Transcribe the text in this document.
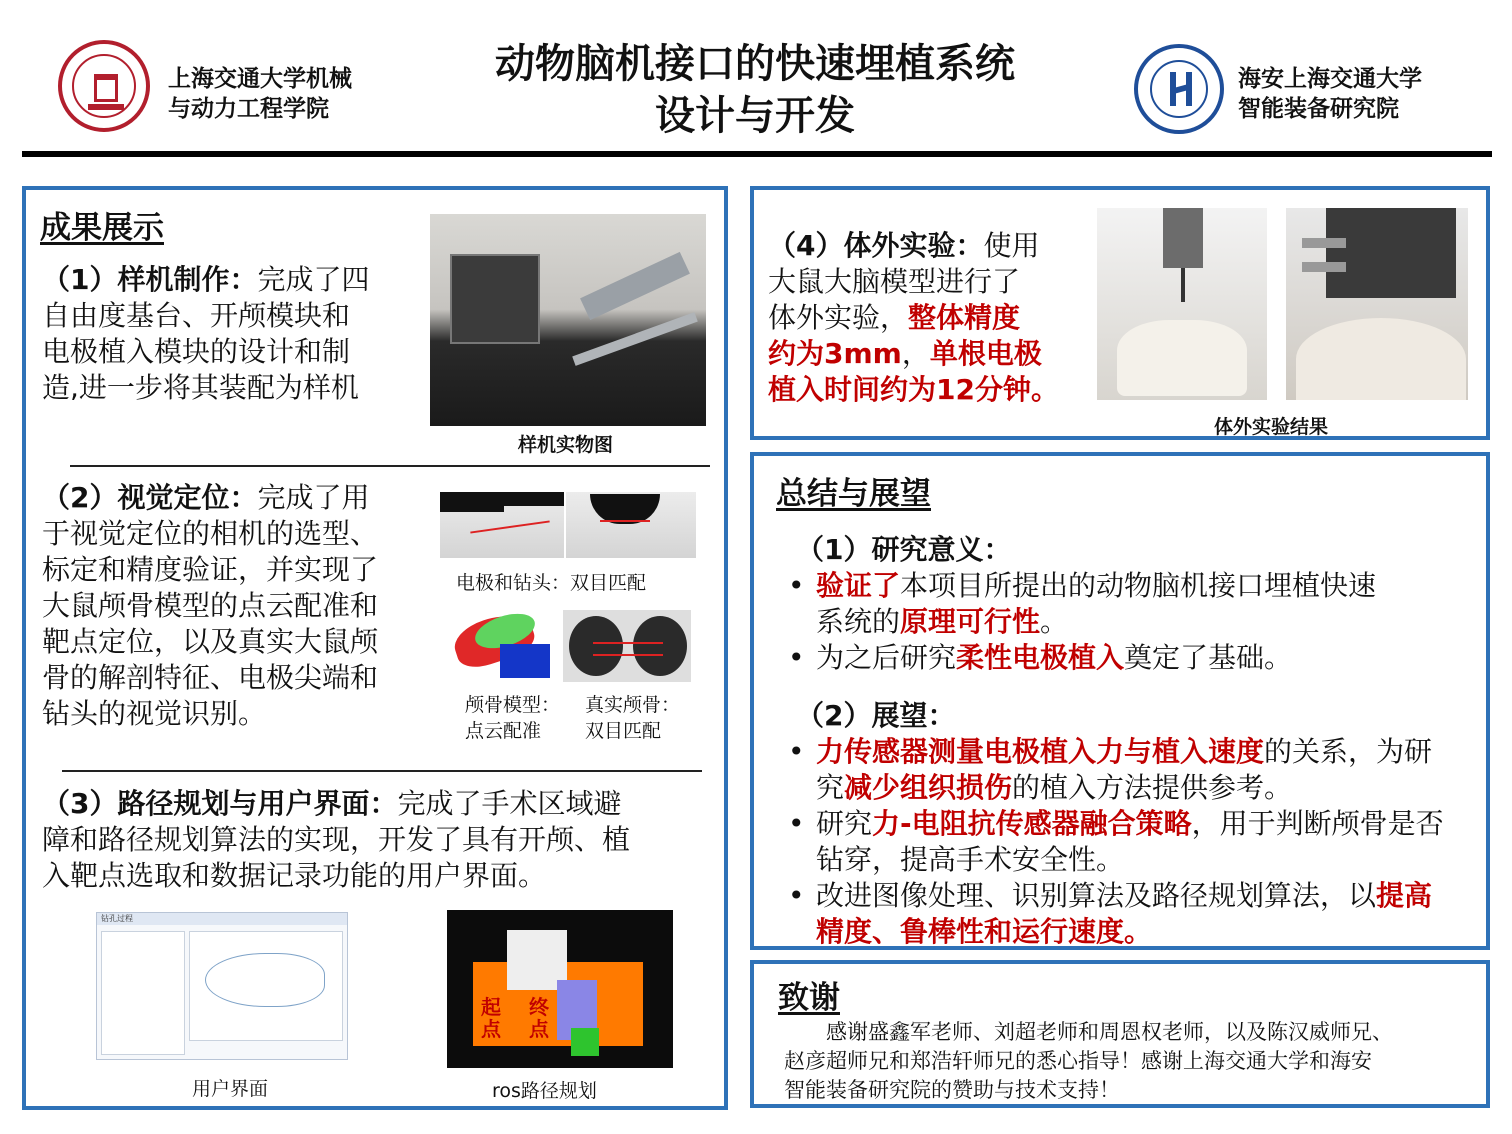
上海交通大学机械
与动力工程学院
动物脑机接口的快速埋植系统
设计与开发
海安上海交通大学
智能装备研究院
成果展示
（1）样机制作：完成了四
自由度基台、开颅模块和
电极植入模块的设计和制
造,进一步将其装配为样机
样机实物图
（2）视觉定位：完成了用
于视觉定位的相机的选型、
标定和精度验证，并实现了
大鼠颅骨模型的点云配准和
靶点定位，以及真实大鼠颅
骨的解剖特征、电极尖端和
钻头的视觉识别。
电极和钻头：双目匹配
颅骨模型：
点云配准
真实颅骨：
双目匹配
（3）路径规划与用户界面：完成了手术区域避
障和路径规划算法的实现，开发了具有开颅、植
入靶点选取和数据记录功能的用户界面。
钻孔过程
起
点
终
点
用户界面	ros路径规划
（4）体外实验：使用
大鼠大脑模型进行了
体外实验，整体精度
约为3mm，单根电极
植入时间约为12分钟。
体外实验结果
总结与展望
（1）研究意义：
• 验证了本项目所提出的动物脑机接口埋植快速
系统的原理可行性。
• 为之后研究柔性电极植入奠定了基础。
（2）展望：
• 力传感器测量电极植入力与植入速度的关系，为研
究减少组织损伤的植入方法提供参考。
• 研究力-电阻抗传感器融合策略，用于判断颅骨是否
钻穿，提高手术安全性。
• 改进图像处理、识别算法及路径规划算法，以提高
精度、鲁棒性和运行速度。
致谢
感谢盛鑫军老师、刘超老师和周恩权老师，以及陈汉威师兄、
赵彦超师兄和郑浩轩师兄的悉心指导！感谢上海交通大学和海安
智能装备研究院的赞助与技术支持！
